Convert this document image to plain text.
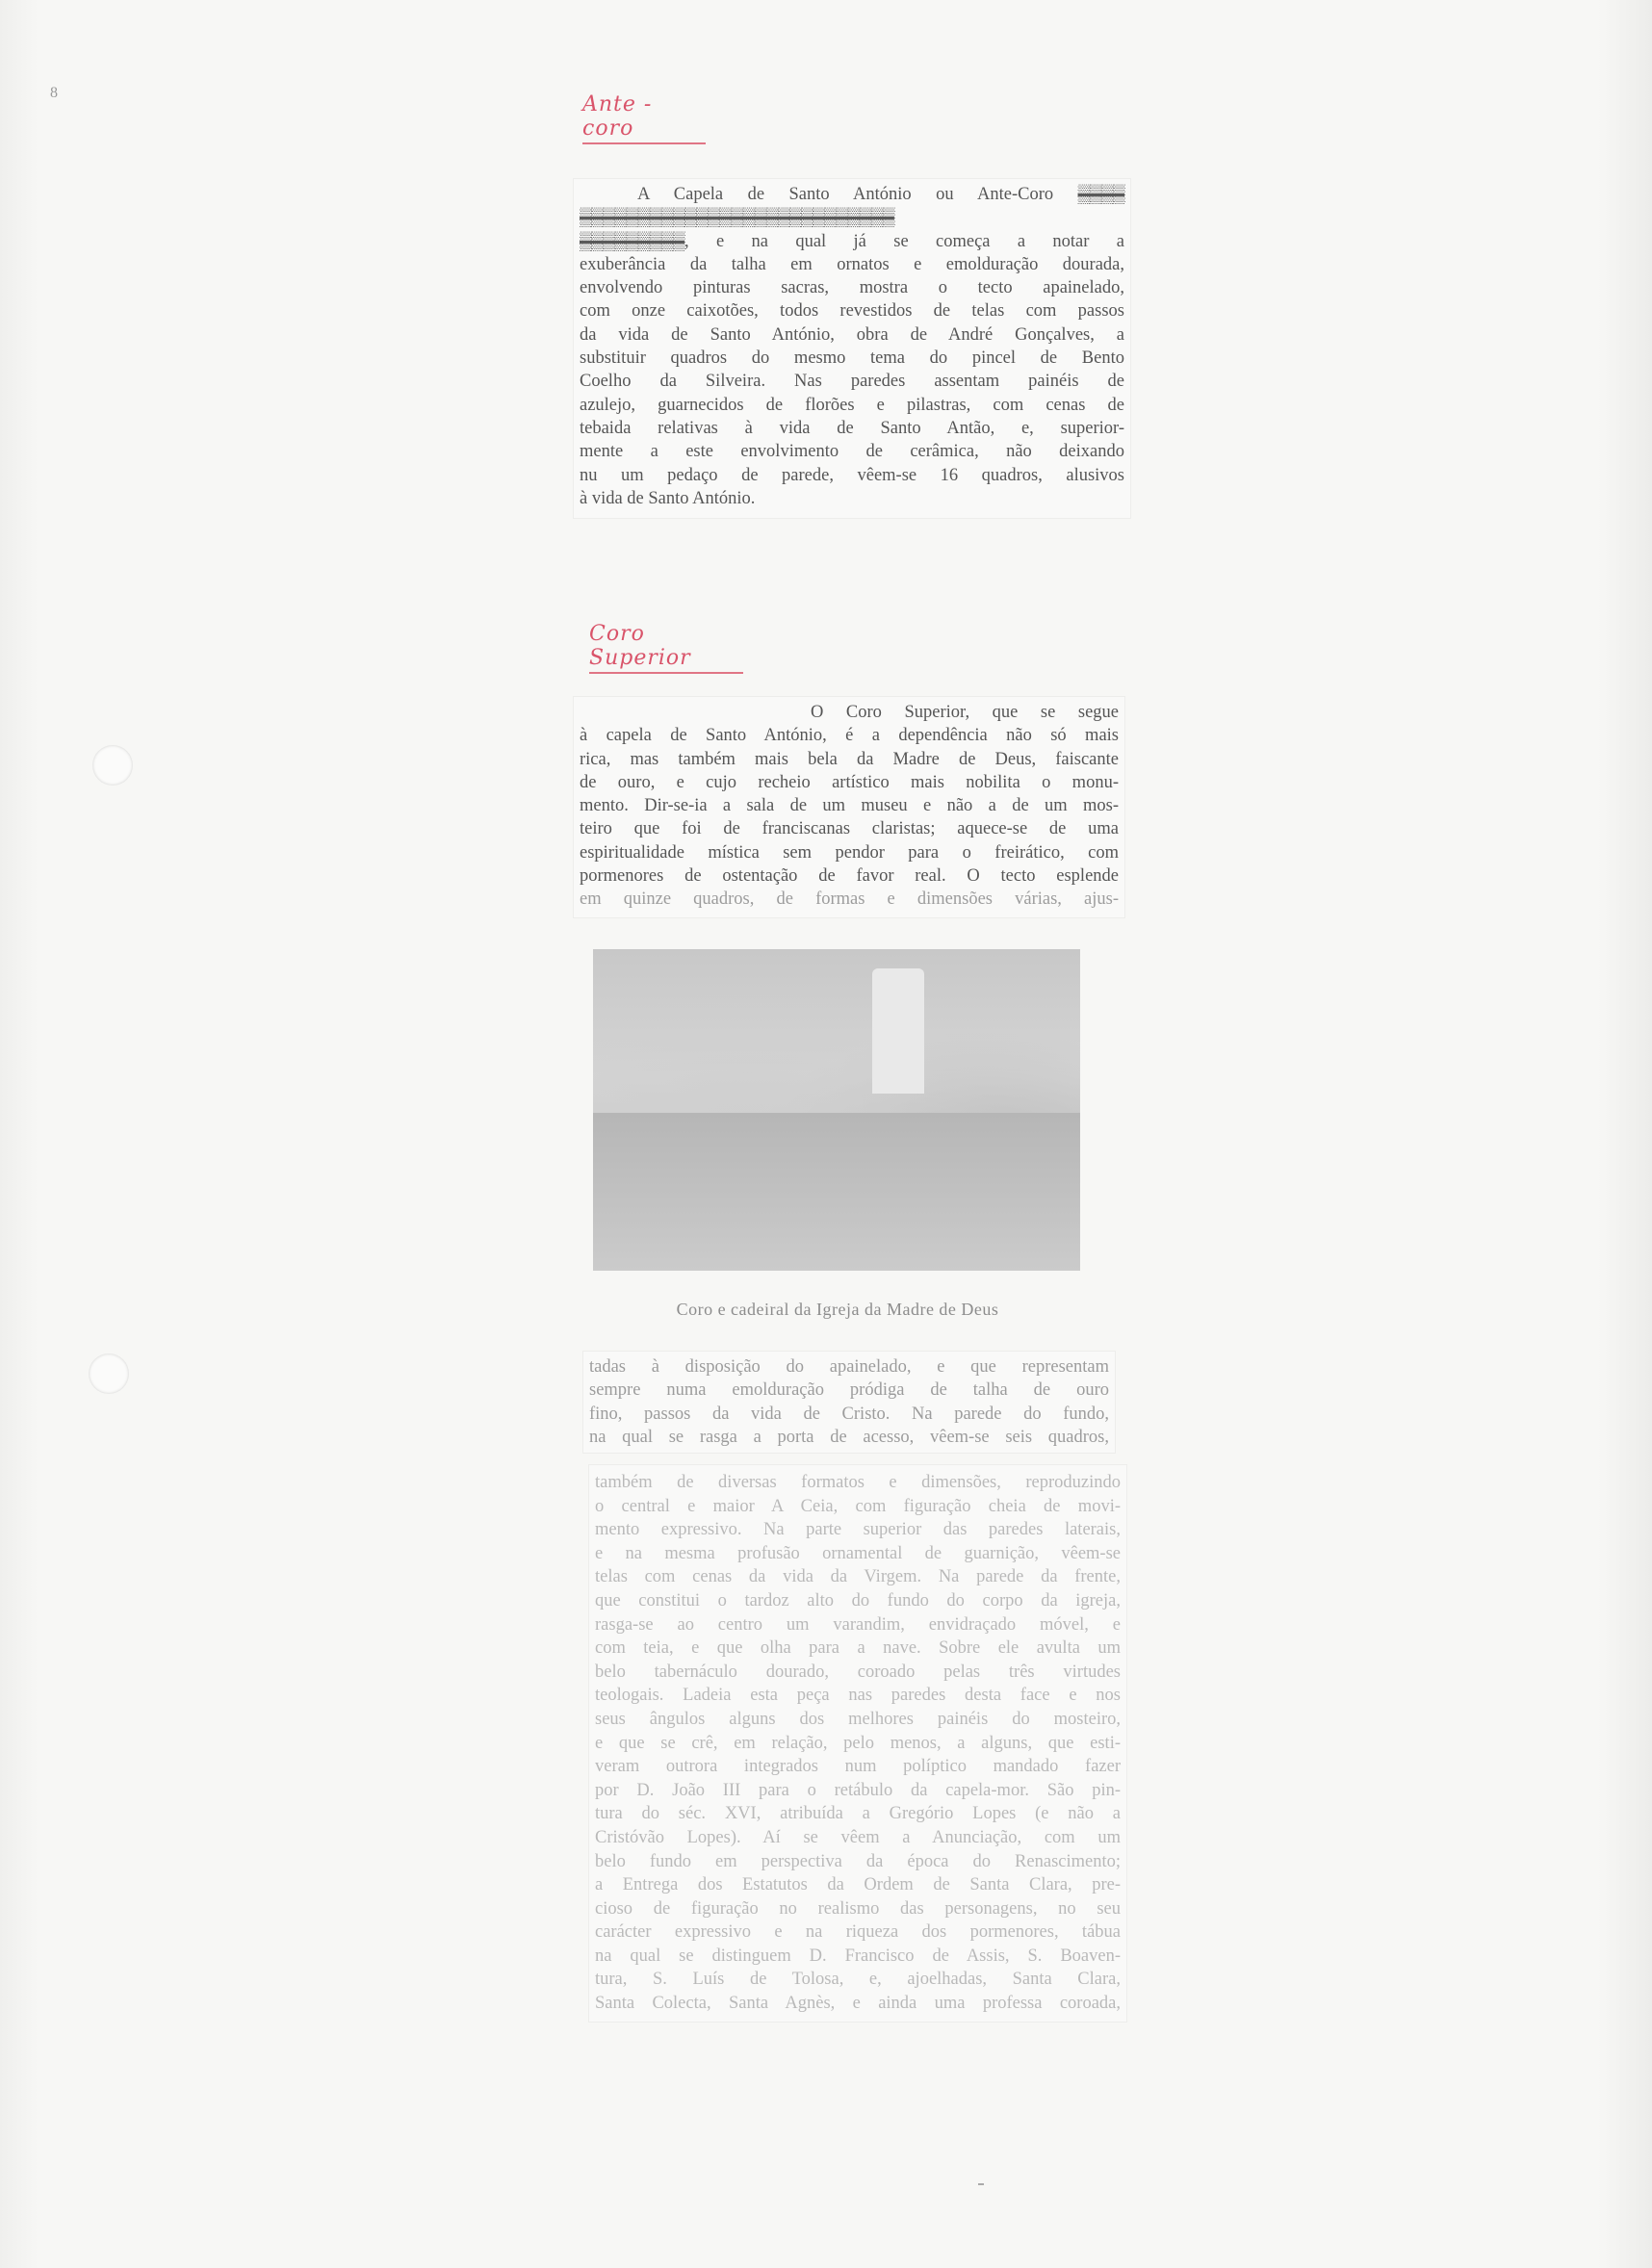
8	Ante - coro
A Capela de Santo António ou Ante-Coro ▒▒▒▒
▒▒▒▒▒▒▒▒▒▒▒▒▒▒▒▒▒▒▒▒▒▒▒▒▒▒▒
▒▒▒▒▒▒▒▒▒, e na qual já se começa a notar a
exuberância da talha em ornatos e emolduração dourada,
envolvendo pinturas sacras, mostra o tecto apainelado,
com onze caixotões, todos revestidos de telas com passos
da vida de Santo António, obra de André Gonçalves, a
substituir quadros do mesmo tema do pincel de Bento
Coelho da Silveira. Nas paredes assentam painéis de
azulejo, guarnecidos de florões e pilastras, com cenas de
tebaida relativas à vida de Santo Antão, e, superior-
mente a este envolvimento de cerâmica, não deixando
nu um pedaço de parede, vêem-se 16 quadros, alusivos
à vida de Santo António.
Coro Superior
O Coro Superior, que se segue
à capela de Santo António, é a dependência não só mais
rica, mas também mais bela da Madre de Deus, faiscante
de ouro, e cujo recheio artístico mais nobilita o monu-
mento. Dir-se-ia a sala de um museu e não a de um mos-
teiro que foi de franciscanas claristas; aquece-se de uma
espiritualidade mística sem pendor para o freirático, com
pormenores de ostentação de favor real. O tecto esplende
em quinze quadros, de formas e dimensões várias, ajus-
Coro e cadeiral da Igreja da Madre de Deus
tadas à disposição do apainelado, e que representam
sempre numa emolduração pródiga de talha de ouro
fino, passos da vida de Cristo. Na parede do fundo,
na qual se rasga a porta de acesso, vêem-se seis quadros,
também de diversas formatos e dimensões, reproduzindo
o central e maior A Ceia, com figuração cheia de movi-
mento expressivo. Na parte superior das paredes laterais,
e na mesma profusão ornamental de guarnição, vêem-se
telas com cenas da vida da Virgem. Na parede da frente,
que constitui o tardoz alto do fundo do corpo da igreja,
rasga-se ao centro um varandim, envidraçado móvel, e
com teia, e que olha para a nave. Sobre ele avulta um
belo tabernáculo dourado, coroado pelas três virtudes
teologais. Ladeia esta peça nas paredes desta face e nos
seus ângulos alguns dos melhores painéis do mosteiro,
e que se crê, em relação, pelo menos, a alguns, que esti-
veram outrora integrados num políptico mandado fazer
por D. João III para o retábulo da capela-mor. São pin-
tura do séc. XVI, atribuída a Gregório Lopes (e não a
Cristóvão Lopes). Aí se vêem a Anunciação, com um
belo fundo em perspectiva da época do Renascimento;
a Entrega dos Estatutos da Ordem de Santa Clara, pre-
cioso de figuração no realismo das personagens, no seu
carácter expressivo e na riqueza dos pormenores, tábua
na qual se distinguem D. Francisco de Assis, S. Boaven-
tura, S. Luís de Tolosa, e, ajoelhadas, Santa Clara,
Santa Colecta, Santa Agnès, e ainda uma professa coroada,
